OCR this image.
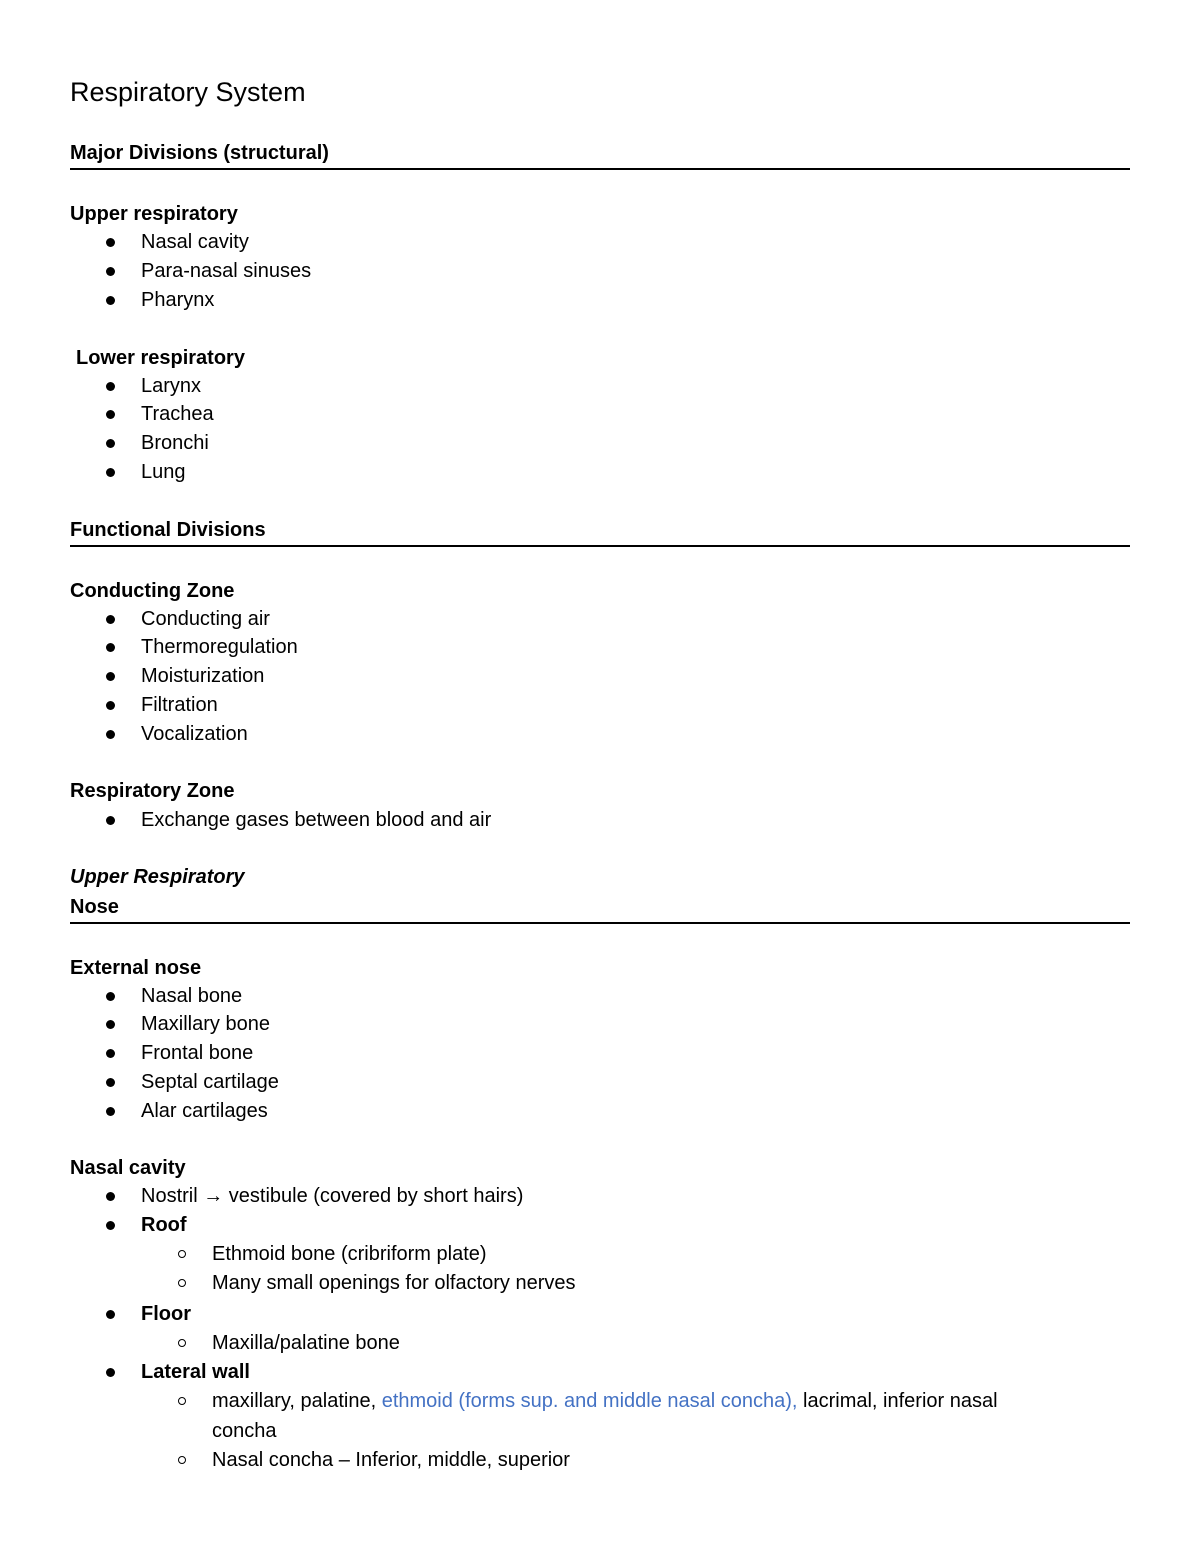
Respiratory System
Major Divisions (structural)
Upper respiratory
Nasal cavity
Para-nasal sinuses
Pharynx
Lower respiratory
Larynx
Trachea
Bronchi
Lung
Functional Divisions
Conducting Zone
Conducting air
Thermoregulation
Moisturization
Filtration
Vocalization
Respiratory Zone
Exchange gases between blood and air
Upper Respiratory
Nose
External nose
Nasal bone
Maxillary bone
Frontal bone
Septal cartilage
Alar cartilages
Nasal cavity
Nostril → vestibule (covered by short hairs)
Roof
Ethmoid bone (cribriform plate)
Many small openings for olfactory nerves
Floor
Maxilla/palatine bone
Lateral wall
maxillary, palatine, ethmoid (forms sup. and middle nasal concha), lacrimal, inferior nasal
concha
Nasal concha – Inferior, middle, superior
